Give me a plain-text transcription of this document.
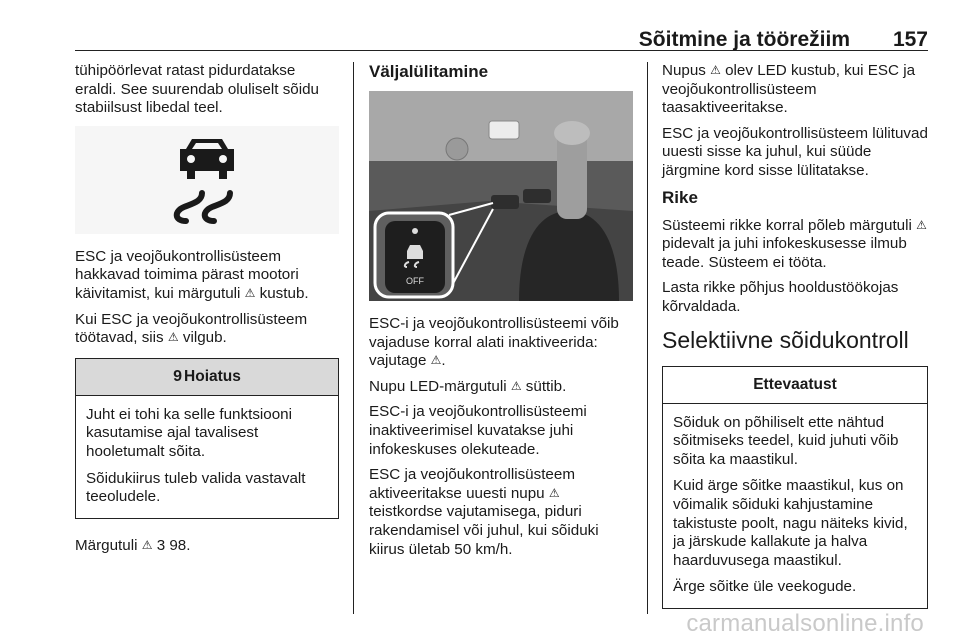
Sõitmine ja töörežiim 157

tühipöörlevat ratast pidurdatakse eraldi. See suurendab oluliselt sõidu stabiilsust libedal teel.

ESC ja veojõukontrollisüsteem hakkavad toimima pärast mootori käivitamist, kui märgutuli ⚠ kustub.

Kui ESC ja veojõukontrollisüsteem töötavad, siis ⚠ vilgub.

9 Hoiatus

Juht ei tohi ka selle funktsiooni kasutamise ajal tavalisest hooletumalt sõita.

Sõidukiirus tuleb valida vastavalt teeoludele.

Märgutuli ⚠ 3 98.

Väljalülitamine
OFF

ESC-i ja veojõukontrollisüsteemi võib vajaduse korral alati inaktiveerida: vajutage ⚠.

Nupu LED-märgutuli ⚠ süttib.

ESC-i ja veojõukontrollisüsteemi inaktiveerimisel kuvatakse juhi infokeskuses olekuteade.

ESC ja veojõukontrollisüsteem aktiveeritakse uuesti nupu ⚠ teistkordse vajutamisega, piduri rakendamisel või juhul, kui sõiduki kiirus ületab 50 km/h.

Nupus ⚠ olev LED kustub, kui ESC ja veojõukontrollisüsteem taasaktiveeritakse.

ESC ja veojõukontrollisüsteem lülituvad uuesti sisse ka juhul, kui süüde järgmine kord sisse lülitatakse.

Rike

Süsteemi rikke korral põleb märgutuli ⚠ pidevalt ja juhi infokeskusesse ilmub teade. Süsteem ei tööta.

Lasta rikke põhjus hooldustöökojas kõrvaldada.

Selektiivne sõidukontroll
Ettevaatust

Sõiduk on põhiliselt ette nähtud sõitmiseks teedel, kuid juhuti võib sõita ka maastikul.

Kuid ärge sõitke maastikul, kus on võimalik sõiduki kahjustamine takistuste poolt, nagu näiteks kivid, ja järskude kallakute ja halva haarduvusega maastikul.

Ärge sõitke üle veekogude.

carmanualsonline.info
